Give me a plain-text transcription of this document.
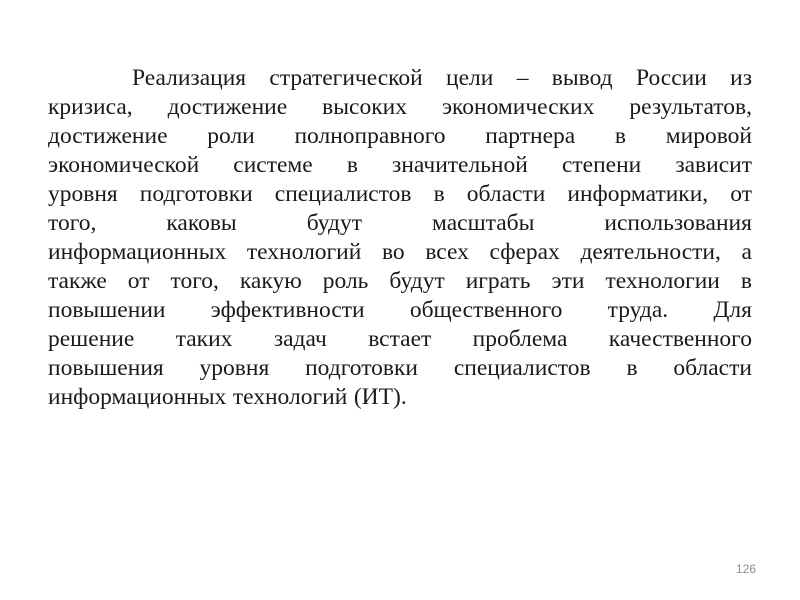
Реализация стратегической цели – вывод России из
кризиса, достижение высоких экономических результатов,
достижение роли полноправного партнера в мировой
экономической системе в значительной степени зависит
уровня подготовки специалистов в области информатики, от
того,	каковы	будут	масштабы	использования
информационных технологий во всех сферах деятельности, а
также от того, какую роль будут играть эти технологии в
повышении эффективности общественного труда. Для
решение таких задач встает проблема качественного
повышения уровня подготовки специалистов в области
информационных технологий (ИТ).
126
